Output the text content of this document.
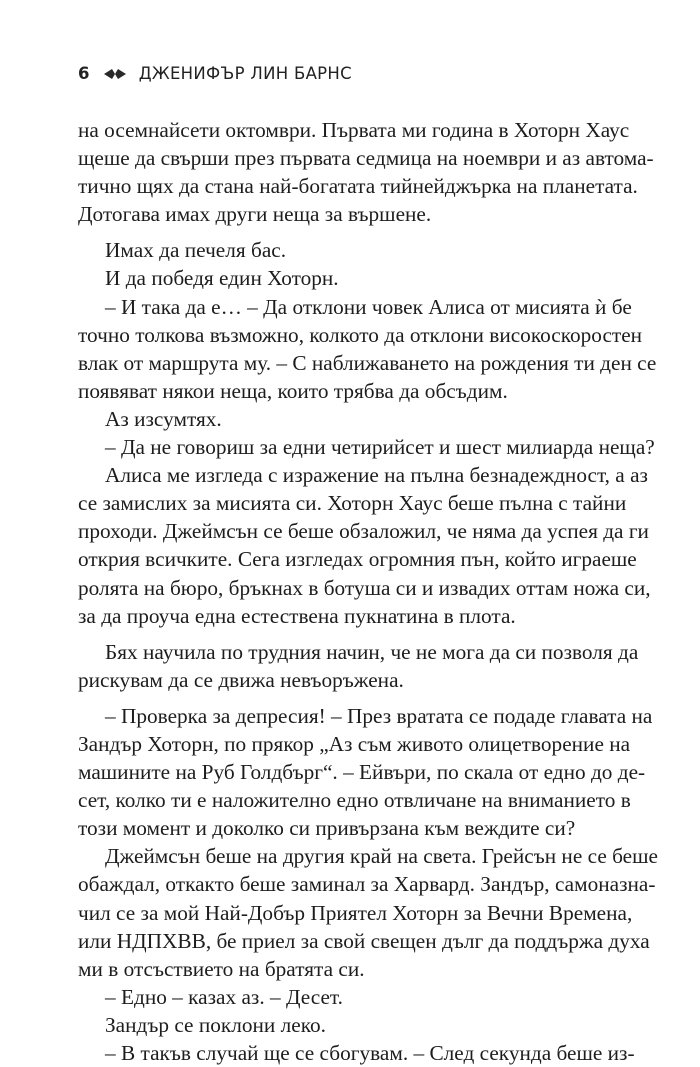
6	ДЖЕНИФЪР ЛИН БАРНС
на осемнайсети октомври. Първата ми година в Хоторн Хаус
щеше да свърши през първата седмица на ноември и аз автома-
тично щях да стана най-богатата тийнейджърка на планетата.
Дотогава имах други неща за вършене.
Имах да печеля бас.
И да победя един Хоторн.
– И така да е… – Да отклони човек Алиса от мисията ѝ бе
точно толкова възможно, колкото да отклони високоскоростен
влак от маршрута му. – С наближаването на рождения ти ден се
появяват някои неща, които трябва да обсъдим.
Аз изсумтях.
– Да не говориш за едни четирийсет и шест милиарда неща?
Алиса ме изгледа с изражение на пълна безнадеждност, а аз
се замислих за мисията си. Хоторн Хаус беше пълна с тайни
проходи. Джеймсън се беше обзаложил, че няма да успея да ги
открия всичките. Сега изгледах огромния пън, който играеше
ролята на бюро, бръкнах в ботуша си и извадих оттам ножа си,
за да проуча една естествена пукнатина в плота.
Бях научила по трудния начин, че не мога да си позволя да
рискувам да се движа невъоръжена.
– Проверка за депресия! – През вратата се подаде главата на
Зандър Хоторн, по прякор „Аз съм живото олицетворение на
машините на Руб Голдбърг“. – Ейвъри, по скала от едно до де-
сет, колко ти е наложително едно отвличане на вниманието в
този момент и доколко си привързана към веждите си?
Джеймсън беше на другия край на света. Грейсън не се беше
обаждал, откакто беше заминал за Харвард. Зандър, самоназна-
чил се за мой Най-Добър Приятел Хоторн за Вечни Времена,
или НДПХВВ, бе приел за свой свещен дълг да поддържа духа
ми в отсъствието на братята си.
– Едно – казах аз. – Десет.
Зандър се поклони леко.
– В такъв случай ще се сбогувам. – След секунда беше из-
